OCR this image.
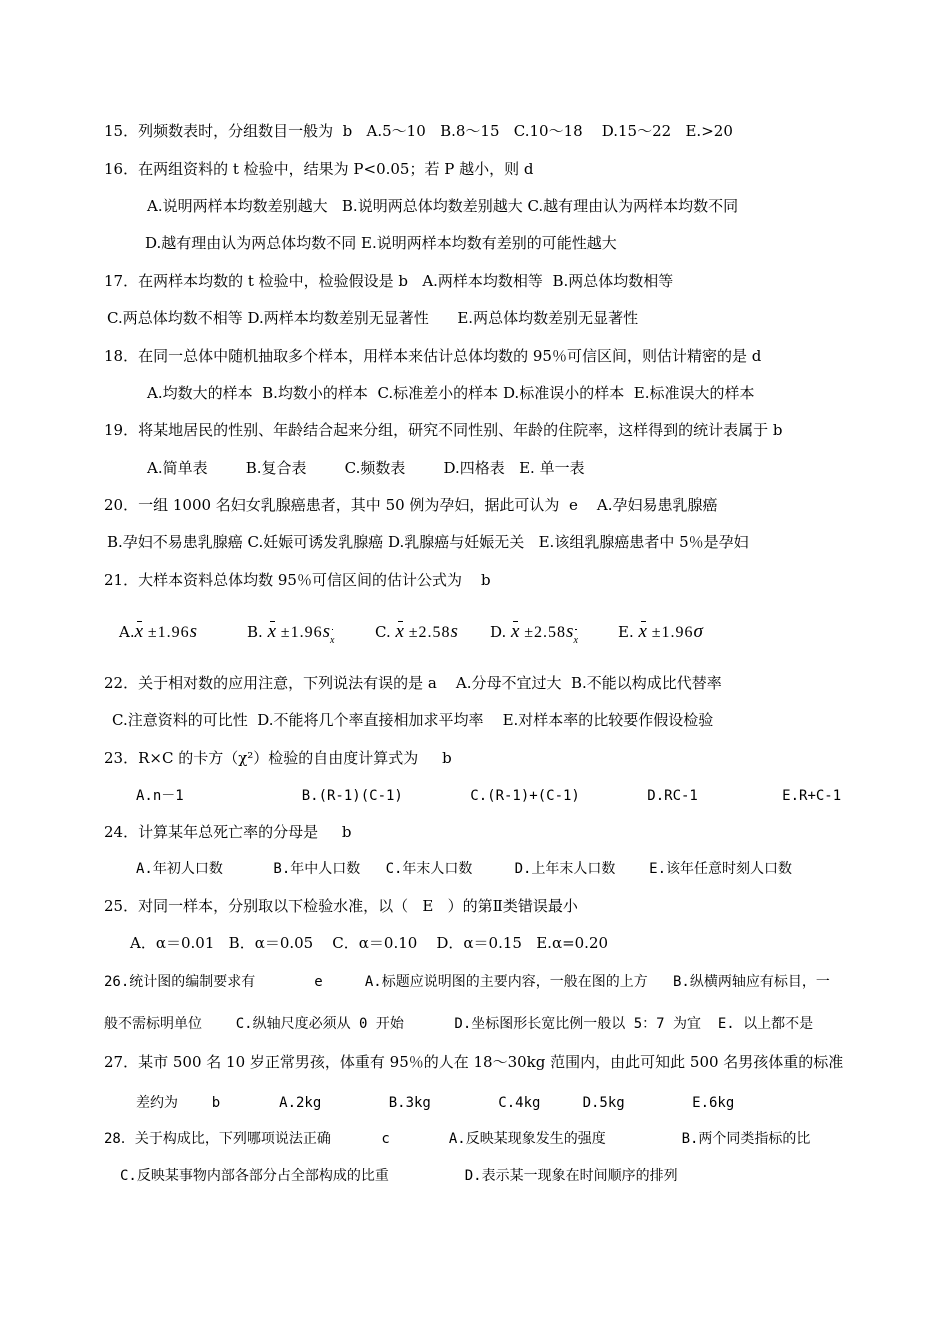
15．列频数表时，分组数目一般为  b   A.5～10   B.8～15   C.10～18    D.15～22   E.>20
16．在两组资料的 t 检验中，结果为 P<0.05；若 P 越小，则 d
A.说明两样本均数差别越大   B.说明两总体均数差别越大 C.越有理由认为两样本均数不同
D.越有理由认为两总体均数不同 E.说明两样本均数有差别的可能性越大
17．在两样本均数的 t 检验中，检验假设是 b   A.两样本均数相等  B.两总体均数相等
C.两总体均数不相等 D.两样本均数差别无显著性      E.两总体均数差别无显著性
18．在同一总体中随机抽取多个样本，用样本来估计总体均数的 95％可信区间，则估计精密的是 d
A.均数大的样本  B.均数小的样本  C.标准差小的样本 D.标准误小的样本  E.标准误大的样本
19．将某地居民的性别、年龄结合起来分组，研究不同性别、年龄的住院率，这样得到的统计表属于 b
A.简单表        B.复合表        C.频数表        D.四格表   E. 单一表
20．一组 1000 名妇女乳腺癌患者，其中 50 例为孕妇，据此可认为  e    A.孕妇易患乳腺癌
B.孕妇不易患乳腺癌 C.妊娠可诱发乳腺癌 D.乳腺癌与妊娠无关   E.该组乳腺癌患者中 5％是孕妇
21．大样本资料总体均数 95％可信区间的估计公式为    b
A.x ±1.96s	B. $x \pm 1.96s_x$	C. x ±2.58s D. $x \pm 2.58s_x$	E. x ±1.96σ
22．关于相对数的应用注意，下列说法有误的是 a    A.分母不宜过大  B.不能以构成比代替率
C.注意资料的可比性  D.不能将几个率直接相加求平均率    E.对样本率的比较要作假设检验
23．R×C 的卡方（χ²）检验的自由度计算式为     b
A.n－1              B.(R-1)(C-1)        C.(R-1)+(C-1)        D.RC-1          E.R+C-1
24．计算某年总死亡率的分母是     b
A.年初人口数      B.年中人口数   C.年末人口数     D.上年末人口数    E.该年任意时刻人口数
25．对同一样本，分别取以下检验水准，以（   E   ）的第Ⅱ类错误最小
A．α＝0.01   B．α＝0.05    C．α＝0.10    D．α＝0.15   E.α=0.20
26.统计图的编制要求有       e     A.标题应说明图的主要内容，一般在图的上方   B.纵横两轴应有标目，一
般不需标明单位    C.纵轴尺度必须从 0 开始      D.坐标图形长宽比例一般以 5：7 为宜  E. 以上都不是
27．某市 500 名 10 岁正常男孩，体重有 95％的人在 18～30kg 范围内，由此可知此 500 名男孩体重的标准
差约为    b       A.2kg        B.3kg        C.4kg     D.5kg        E.6kg
28．关于构成比，下列哪项说法正确      c       A.反映某现象发生的强度         B.两个同类指标的比
C.反映某事物内部各部分占全部构成的比重         D.表示某一现象在时间顺序的排列
